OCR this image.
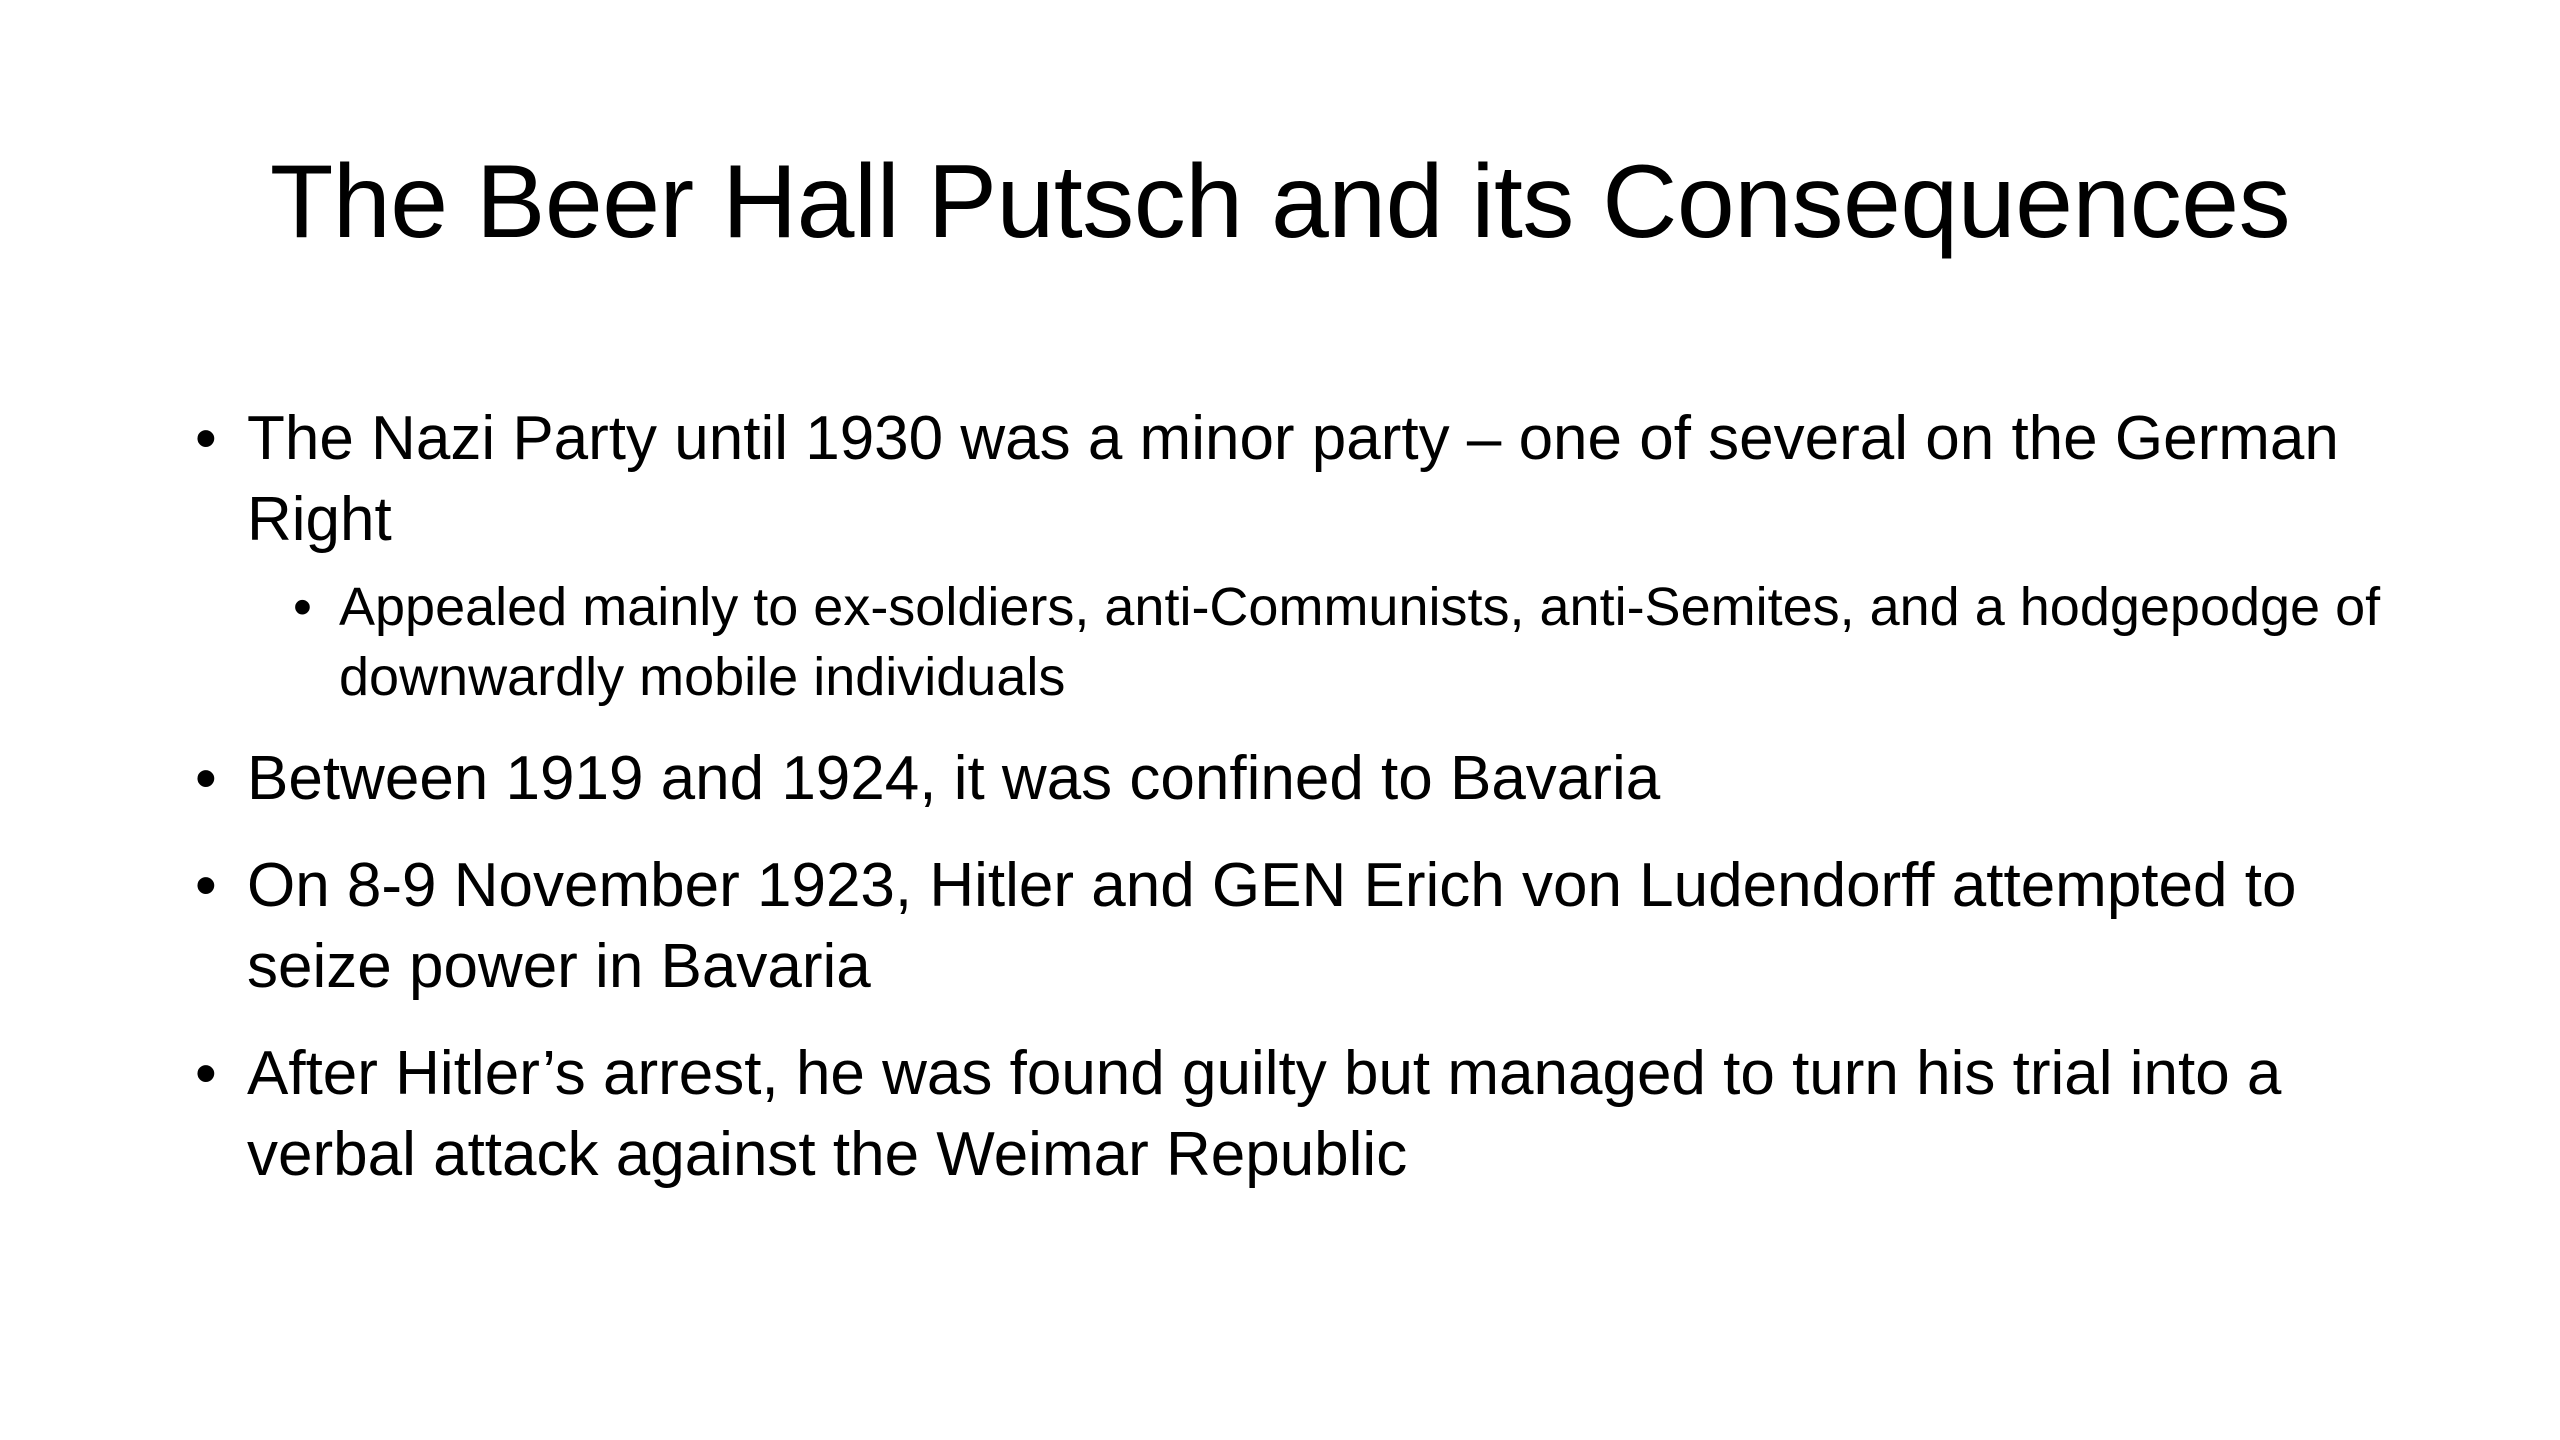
The Beer Hall Putsch and its Consequences
• The Nazi Party until 1930 was a minor party – one of several on the German Right
• Appealed mainly to ex-soldiers, anti-Communists, anti-Semites, and a hodgepodge of downwardly mobile individuals
• Between 1919 and 1924, it was confined to Bavaria
• On 8-9 November 1923, Hitler and GEN Erich von Ludendorff attempted to seize power in Bavaria
• After Hitler’s arrest, he was found guilty but managed to turn his trial into a verbal attack against the Weimar Republic
